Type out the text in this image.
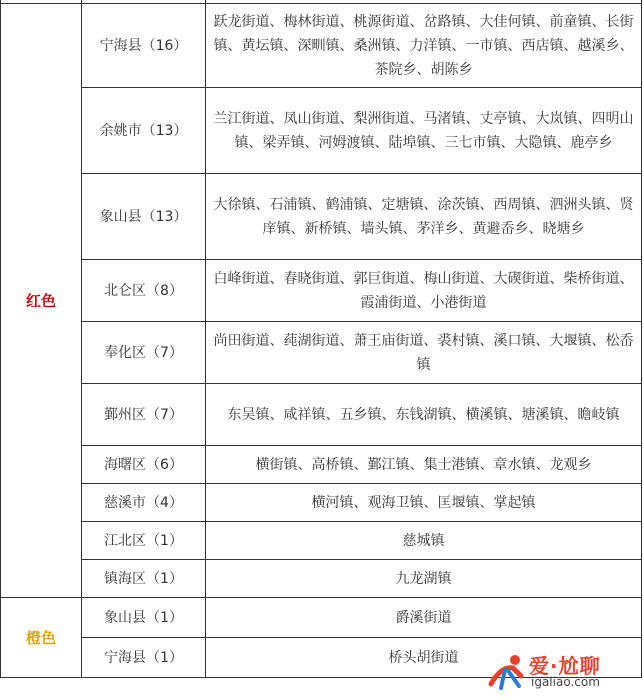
红色	宁海县（16）	跃龙街道、梅林街道、桃源街道、岔路镇、大佳何镇、前童镇、长街镇、黄坛镇、深甽镇、桑洲镇、力洋镇、一市镇、西店镇、越溪乡、茶院乡、胡陈乡
	余姚市（13）	兰江街道、凤山街道、梨洲街道、马渚镇、丈亭镇、大岚镇、四明山镇、梁弄镇、河姆渡镇、陆埠镇、三七市镇、大隐镇、鹿亭乡
	象山县（13）	大徐镇、石浦镇、鹤浦镇、定塘镇、涂茨镇、西周镇、泗洲头镇、贤庠镇、新桥镇、墙头镇、茅洋乡、黄避岙乡、晓塘乡
	北仑区（8）	白峰街道、春晓街道、郭巨街道、梅山街道、大碶街道、柴桥街道、霞浦街道、小港街道
	奉化区（7）	尚田街道、莼湖街道、萧王庙街道、裘村镇、溪口镇、大堰镇、松岙镇
	鄞州区（7）	东吴镇、咸祥镇、五乡镇、东钱湖镇、横溪镇、塘溪镇、瞻岐镇
	海曙区（6）	横街镇、高桥镇、鄞江镇、集士港镇、章水镇、龙观乡
	慈溪市（4）	横河镇、观海卫镇、匡堰镇、掌起镇
	江北区（1）	慈城镇
	镇海区（1）	九龙湖镇
橙色	象山县（1）	爵溪街道
	宁海县（1）	桥头胡街道	爱·尬聊
igaliao.com
